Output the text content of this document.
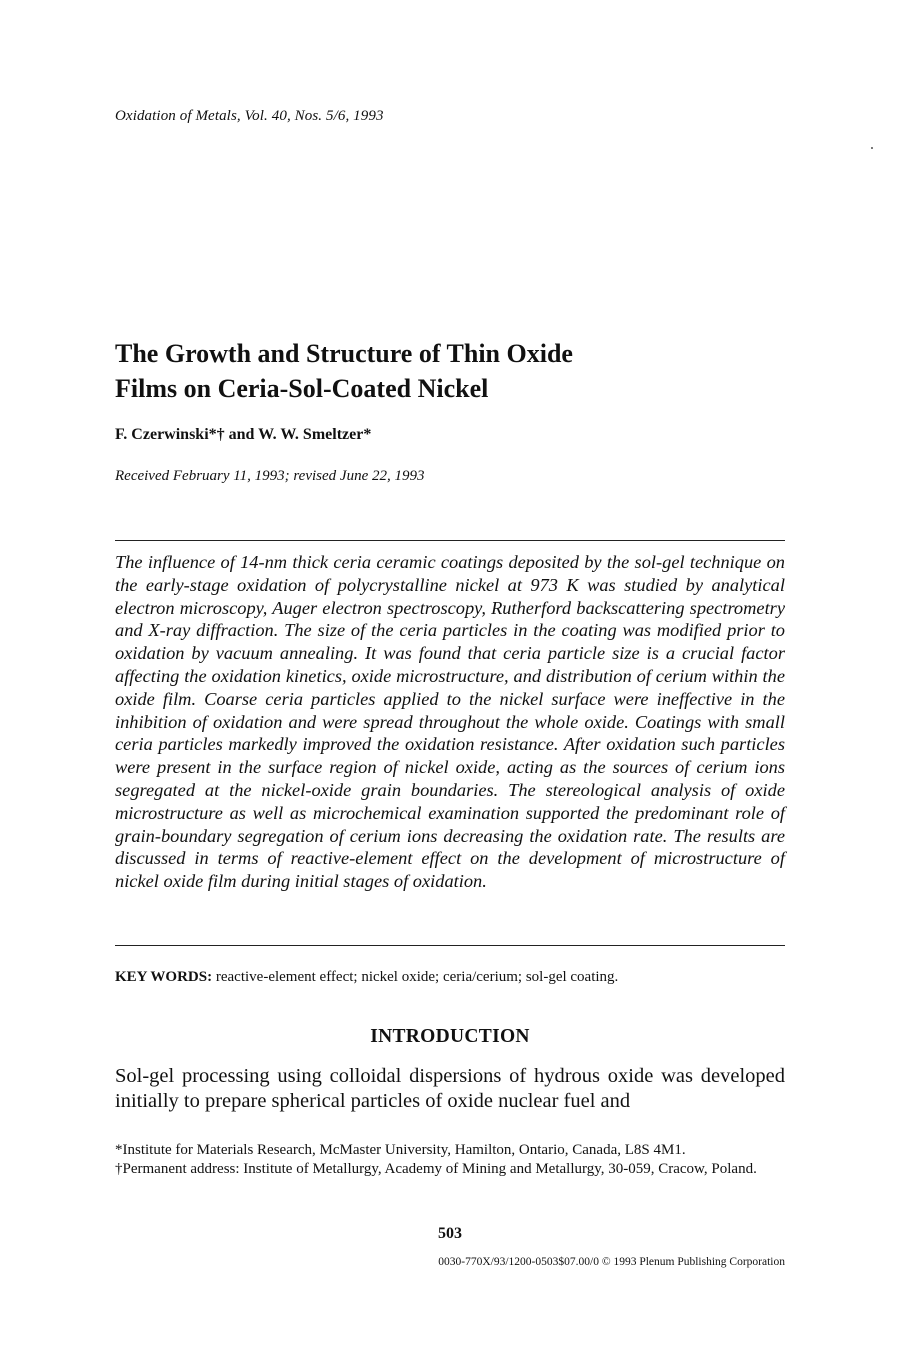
Oxidation of Metals, Vol. 40, Nos. 5/6, 1993
The Growth and Structure of Thin Oxide
Films on Ceria-Sol-Coated Nickel
F. Czerwinski*† and W. W. Smeltzer*
Received February 11, 1993; revised June 22, 1993

The influence of 14-nm thick ceria ceramic coatings deposited by the sol-gel technique on the early-stage oxidation of polycrystalline nickel at 973 K was studied by analytical electron microscopy, Auger electron spectroscopy, Rutherford backscattering spectrometry and X-ray diffraction. The size of the ceria particles in the coating was modified prior to oxidation by vacuum annealing. It was found that ceria particle size is a crucial factor affecting the oxidation kinetics, oxide microstructure, and distribution of cerium within the oxide film. Coarse ceria particles applied to the nickel surface were ineffective in the inhibition of oxidation and were spread throughout the whole oxide. Coatings with small ceria particles markedly improved the oxidation resistance. After oxidation such particles were present in the surface region of nickel oxide, acting as the sources of cerium ions segregated at the nickel-oxide grain boundaries. The stereological analysis of oxide microstructure as well as microchemical examination supported the predominant role of grain-boundary segregation of cerium ions decreasing the oxidation rate. The results are discussed in terms of reactive-element effect on the development of microstructure of nickel oxide film during initial stages of oxidation.

KEY WORDS: reactive-element effect; nickel oxide; ceria/cerium; sol-gel coating.
INTRODUCTION

Sol-gel processing using colloidal dispersions of hydrous oxide was developed initially to prepare spherical particles of oxide nuclear fuel and

*Institute for Materials Research, McMaster University, Hamilton, Ontario, Canada, L8S 4M1.

†Permanent address: Institute of Metallurgy, Academy of Mining and Metallurgy, 30-059, Cracow, Poland.

503
0030-770X/93/1200-0503$07.00/0 © 1993 Plenum Publishing Corporation
